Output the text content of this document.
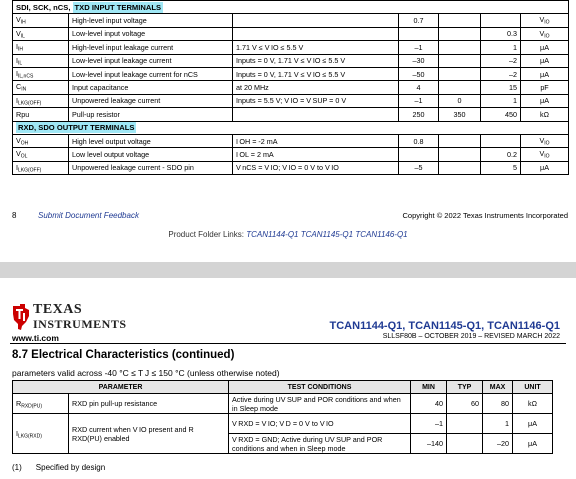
SDI, SCK, nCS, TXD INPUT TERMINALS						
$V_{IH}$	High-level input voltage		0.7			$V_{IO}$
$V_{IL}$	Low-level input voltage				0.3	$V_{IO}$
$I_{IH}$	High-level input leakage current	1.71 V ≤ V IO ≤ 5.5 V	–1		1	μA
$I_{IL}$	Low-level input leakage current	Inputs = 0 V, 1.71 V ≤ V IO ≤ 5.5 V	–30		–2	μA
$I_{IL,nCS}$	Low-level input leakage current for nCS	Inputs = 0 V, 1.71 V ≤ V IO ≤ 5.5 V	–50		–2	μA
$C_{IN}$	Input capacitance	at 20 MHz	4		15	pF
$I_{LKG(OFF)}$	Unpowered leakage current	Inputs = 5.5 V; V IO = V SUP = 0 V	–1	0	1	μA
Rpu	Pull-up resistor		250	350	450	kΩ
RXD, SDO OUTPUT TERMINALS						
$V_{OH}$	High level output voltage	I OH = -2 mA	0.8			$V_{IO}$
$V_{OL}$	Low level output voltage	I OL = 2 mA			0.2	$V_{IO}$
$I_{LKG(OFF)}$	Unpowered leakage current - SDO pin	V nCS = V IO; V IO = 0 V to V IO	–5		5	μA
8	Submit Document Feedback	Copyright © 2022 Texas Instruments Incorporated
Product Folder Links: TCAN1144-Q1 TCAN1145-Q1 TCAN1146-Q1
TEXAS
INSTRUMENTS
www.ti.com
TCAN1144-Q1, TCAN1145-Q1, TCAN1146-Q1
SLLSF80B – OCTOBER 2019 – REVISED MARCH 2022
8.7 Electrical Characteristics (continued)
parameters valid across -40 °C ≤ T J ≤ 150 °C (unless otherwise noted)
PARAMETER		TEST CONDITIONS	MIN	TYP	MAX	UNIT
$R_{RXD(PU)}$	RXD pin pull-up resistance	Active during UV SUP and POR conditions and when in Sleep mode	40	60	80	kΩ
$I_{LKG(RXD)}$	RXD current when V IO present and R RXD(PU) enabled	V RXD = V IO; V D = 0 V to V IO	–1		1	μA
		V RXD = GND; Active during UV SUP and POR conditions and when in Sleep mode	–140		–20	μA
(1) Specified by design
